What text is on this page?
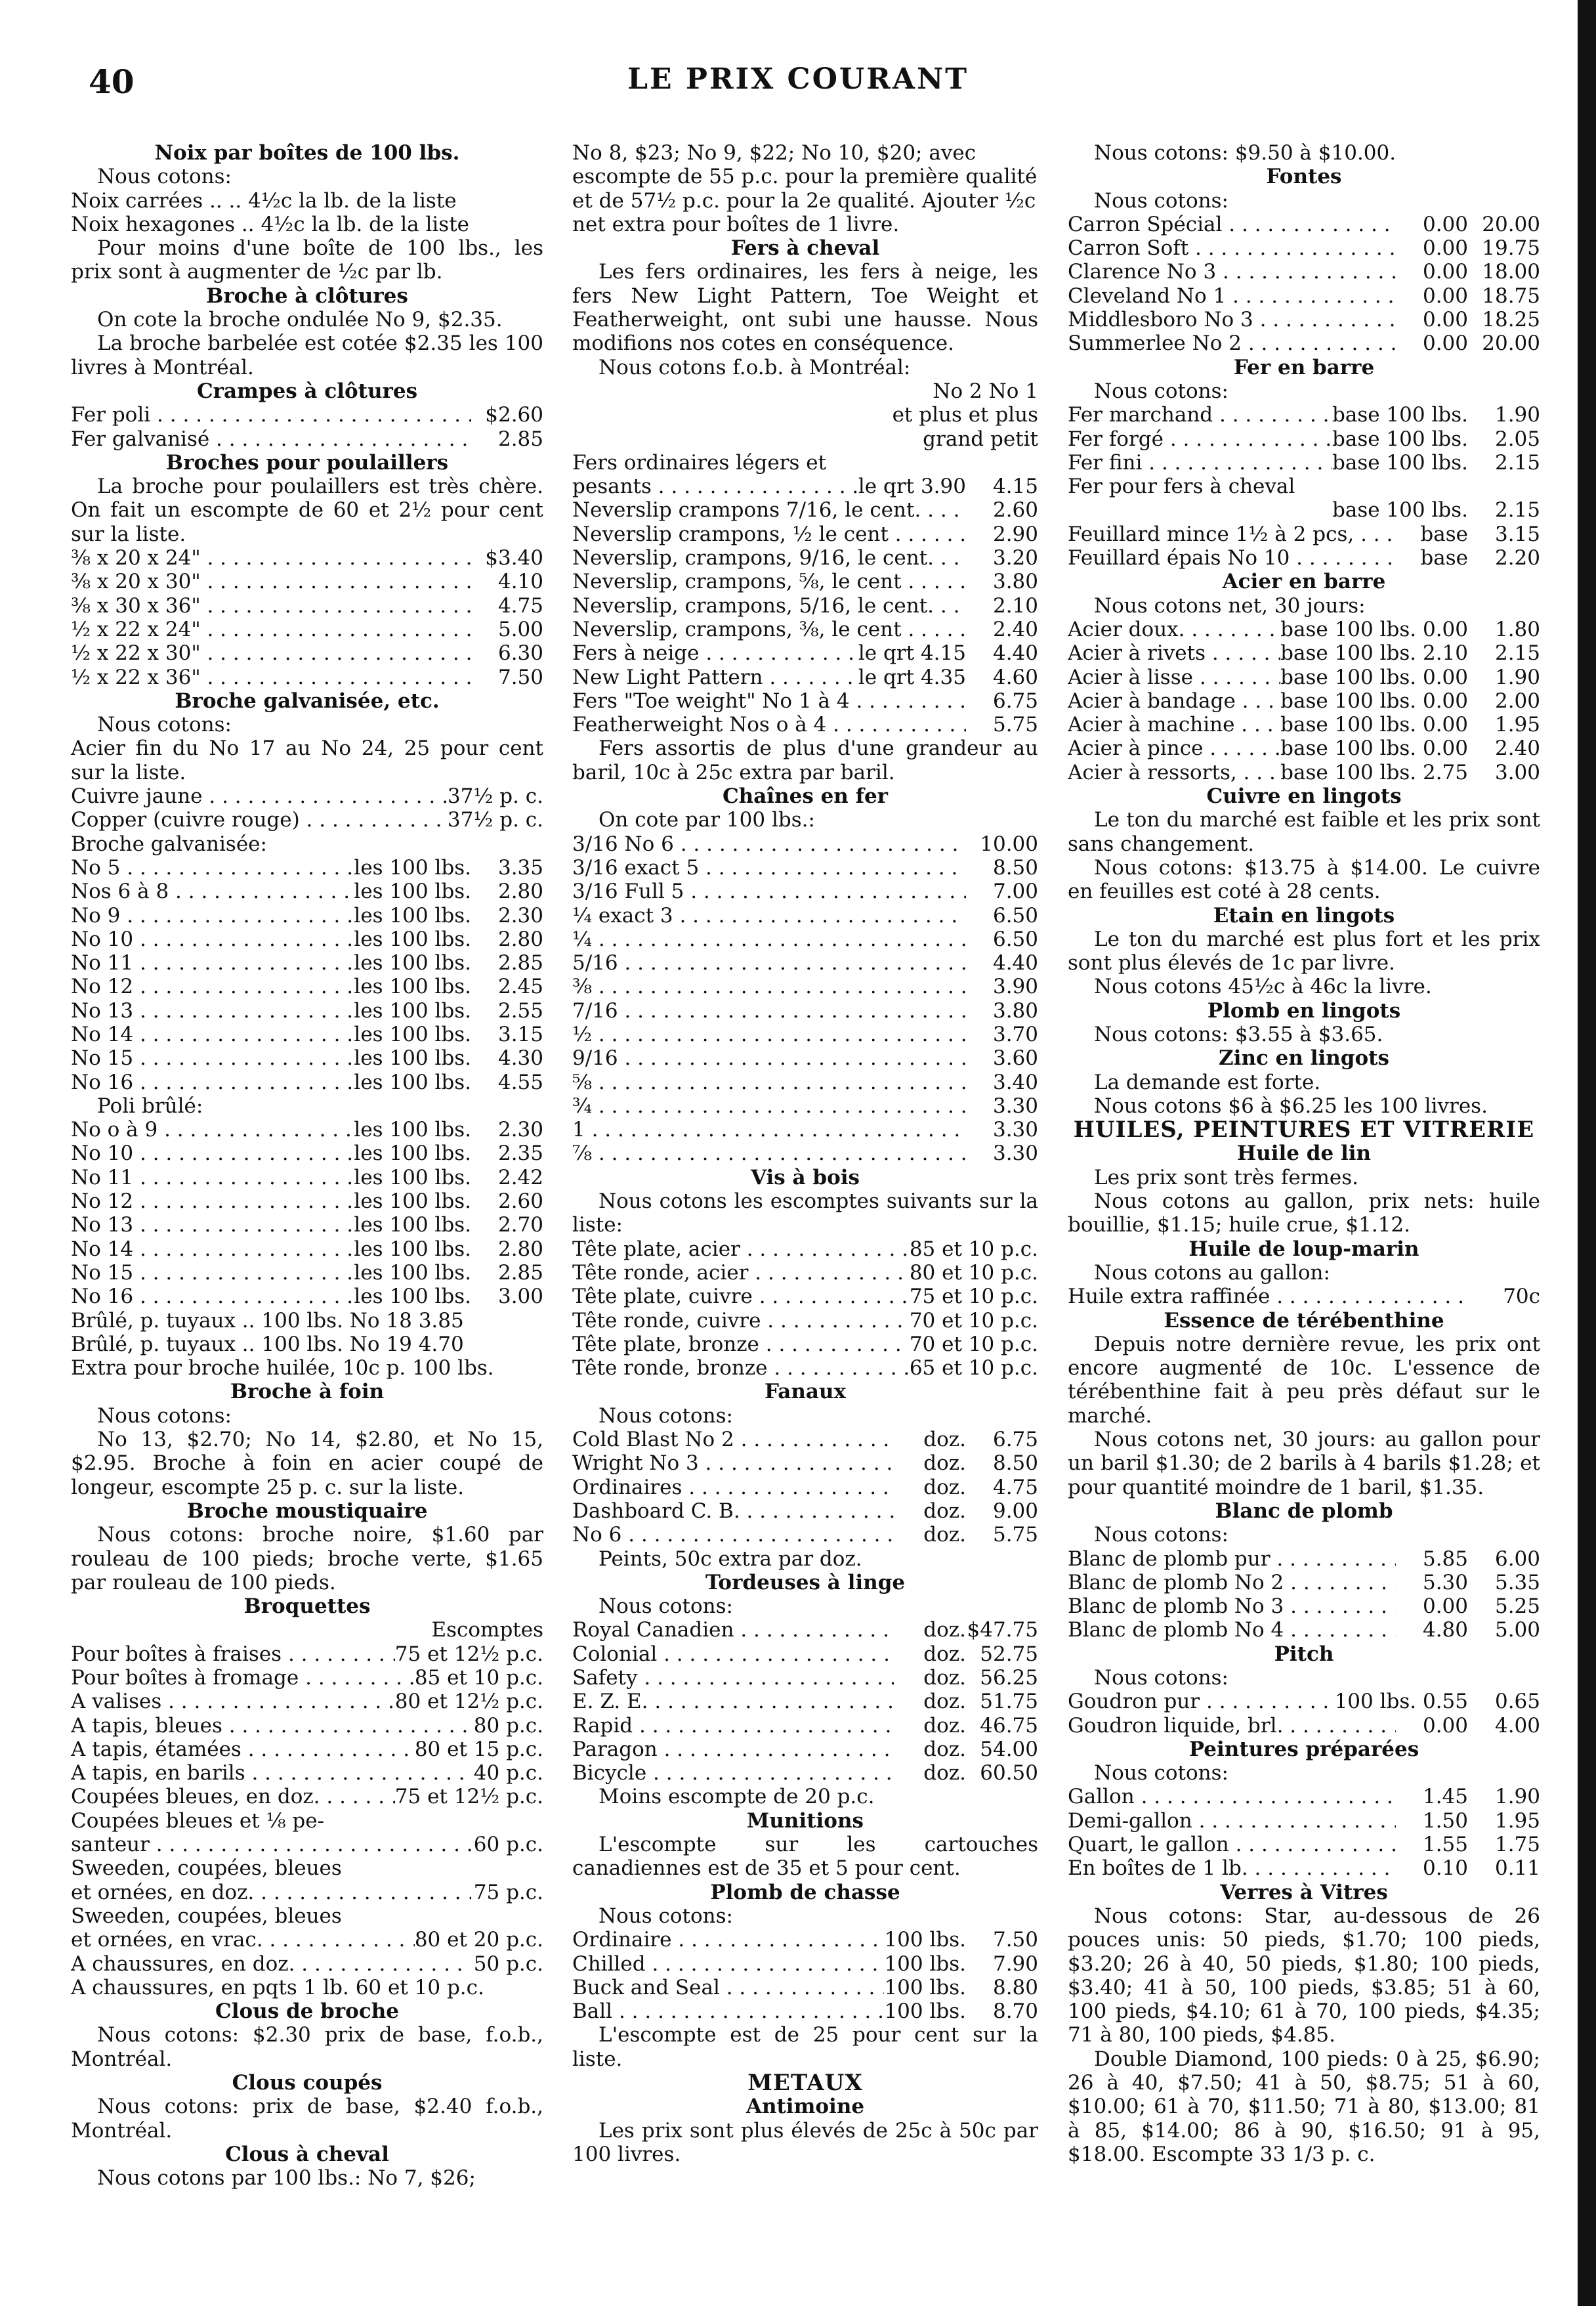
40	LE PRIX COURANT

Noix par boîtes de 100 lbs.

Nous cotons:

Noix carrées .. .. 4½c la lb. de la liste

Noix hexagones .. 4½c la lb. de la liste

Pour moins d'une boîte de 100 lbs., les prix sont à augmenter de ½c par lb.

Broche à clôtures

On cote la broche ondulée No 9, $2.35.

La broche barbelée est cotée $2.35 les 100 livres à Montréal.

Crampes à clôtures

Fer poli . . .	$2.60
Fer galvanisé . . .	2.85

Broches pour poulaillers

La broche pour poulaillers est très chère. On fait un escompte de 60 et 2½ pour cent sur la liste.

⅜ x 20 x 24" . . .	$3.40
⅜ x 20 x 30" . . .	4.10
⅜ x 30 x 36" . . .	4.75
½ x 22 x 24" . . .	5.00
½ x 22 x 30" . . .	6.30
½ x 22 x 36" . . .	7.50

Broche galvanisée, etc.

Nous cotons:

Acier fin du No 17 au No 24, 25 pour cent sur la liste.

Cuivre jaune . . .	37½ p. c.
Copper (cuivre rouge) . . .	37½ p. c.

Broche galvanisée:

No 5 . . .	les 100 lbs.	3.35
Nos 6 à 8 . . .	les 100 lbs.	2.80
No 9 . . .	les 100 lbs.	2.30
No 10 . . .	les 100 lbs.	2.80
No 11 . . .	les 100 lbs.	2.85
No 12 . . .	les 100 lbs.	2.45
No 13 . . .	les 100 lbs.	2.55
No 14 . . .	les 100 lbs.	3.15
No 15 . . .	les 100 lbs.	4.30
No 16 . . .	les 100 lbs.	4.55

Poli brûlé:

No o à 9 . . .	les 100 lbs.	2.30
No 10 . . .	les 100 lbs.	2.35
No 11 . . .	les 100 lbs.	2.42
No 12 . . .	les 100 lbs.	2.60
No 13 . . .	les 100 lbs.	2.70
No 14 . . .	les 100 lbs.	2.80
No 15 . . .	les 100 lbs.	2.85
No 16 . . .	les 100 lbs.	3.00

Brûlé, p. tuyaux .. 100 lbs. No 18 3.85

Brûlé, p. tuyaux .. 100 lbs. No 19 4.70

Extra pour broche huilée, 10c p. 100 lbs.

Broche à foin

Nous cotons:

No 13, $2.70; No 14, $2.80, et No 15, $2.95. Broche à foin en acier coupé de longeur, escompte 25 p. c. sur la liste.

Broche moustiquaire

Nous cotons: broche noire, $1.60 par rouleau de 100 pieds; broche verte, $1.65 par rouleau de 100 pieds.

Broquettes

Escomptes

Pour boîtes à fraises . . .	75 et 12½ p.c.
Pour boîtes à fromage . . .	85 et 10 p.c.
A valises . . .	80 et 12½ p.c.
A tapis, bleues . . .	80 p.c.
A tapis, étamées . . .	80 et 15 p.c.
A tapis, en barils . . .	40 p.c.
Coupées bleues, en doz. . . .	75 et 12½ p.c.

Coupées bleues et ⅛ pe-

santeur . . .	60 p.c.

Sweeden, coupées, bleues

et ornées, en doz. . . .	75 p.c.

Sweeden, coupées, bleues

et ornées, en vrac. . . .	80 et 20 p.c.
A chaussures, en doz. . . .	50 p.c.

A chaussures, en pqts 1 lb. 60 et 10 p.c.

Clous de broche

Nous cotons: $2.30 prix de base, f.o.b., Montréal.

Clous coupés

Nous cotons: prix de base, $2.40 f.o.b., Montréal.

Clous à cheval

Nous cotons par 100 lbs.: No 7, $26;

No 8, $23; No 9, $22; No 10, $20; avec escompte de 55 p.c. pour la première qualité et de 57½ p.c. pour la 2e qualité. Ajouter ½c net extra pour boîtes de 1 livre.

Fers à cheval

Les fers ordinaires, les fers à neige, les fers New Light Pattern, Toe Weight et Featherweight, ont subi une hausse. Nous modifions nos cotes en conséquence.

Nous cotons f.o.b. à Montréal:

No 2 No 1

et plus et plus

grand petit

Fers ordinaires légers et

pesants . . .	le qrt 3.90	4.15
Neverslip crampons 7/16, le cent. . . .	2.60
Neverslip crampons, ½ le cent . . .	2.90
Neverslip, crampons, 9/16, le cent. . . .	3.20
Neverslip, crampons, ⅝, le cent . . .	3.80
Neverslip, crampons, 5/16, le cent. . . .	2.10
Neverslip, crampons, ⅜, le cent . . .	2.40
Fers à neige . . .	le qrt 4.15	4.40
New Light Pattern . . .	le qrt 4.35	4.60
Fers "Toe weight" No 1 à 4 . . .	6.75
Featherweight Nos o à 4 . . .	5.75

Fers assortis de plus d'une grandeur au baril, 10c à 25c extra par baril.

Chaînes en fer

On cote par 100 lbs.:

3/16 No 6 . . .	10.00
3/16 exact 5 . . .	8.50
3/16 Full 5 . . .	7.00
¼ exact 3 . . .	6.50
¼ . . .	6.50
5/16 . . .	4.40
⅜ . . .	3.90
7/16 . . .	3.80
½ . . .	3.70
9/16 . . .	3.60
⅝ . . .	3.40
¾ . . .	3.30
1 . . .	3.30
⅞ . . .	3.30

Vis à bois

Nous cotons les escomptes suivants sur la liste:

Tête plate, acier . . .	85 et 10 p.c.
Tête ronde, acier . . .	80 et 10 p.c.
Tête plate, cuivre . . .	75 et 10 p.c.
Tête ronde, cuivre . . .	70 et 10 p.c.
Tête plate, bronze . . .	70 et 10 p.c.
Tête ronde, bronze . . .	65 et 10 p.c.

Fanaux

Nous cotons:

Cold Blast No 2 . . .	doz.	6.75
Wright No 3 . . .	doz.	8.50
Ordinaires . . .	doz.	4.75
Dashboard C. B. . . .	doz.	9.00
No 6 . . .	doz.	5.75

Peints, 50c extra par doz.

Tordeuses à linge

Nous cotons:

Royal Canadien . . .	doz. $47.75
Colonial . . .	doz. 52.75
Safety . . .	doz. 56.25
E. Z. E. . . .	doz. 51.75
Rapid . . .	doz. 46.75
Paragon . . .	doz. 54.00
Bicycle . . .	doz. 60.50

Moins escompte de 20 p.c.

Munitions

L'escompte sur les cartouches canadiennes est de 35 et 5 pour cent.

Plomb de chasse

Nous cotons:

Ordinaire . . .	100 lbs.	7.50
Chilled . . .	100 lbs.	7.90
Buck and Seal . . .	100 lbs.	8.80
Ball . . .	100 lbs.	8.70

L'escompte est de 25 pour cent sur la liste.

METAUX

Antimoine

Les prix sont plus élevés de 25c à 50c par 100 livres.

Nous cotons: $9.50 à $10.00.

Fontes

Nous cotons:

Carron Spécial . . .	0.00 20.00
Carron Soft . . .	0.00 19.75
Clarence No 3 . . .	0.00 18.00
Cleveland No 1 . . .	0.00 18.75
Middlesboro No 3 . . .	0.00 18.25
Summerlee No 2 . . .	0.00 20.00

Fer en barre

Nous cotons:

Fer marchand . . .	base 100 lbs.	1.90
Fer forgé . . .	base 100 lbs.	2.05
Fer fini . . .	base 100 lbs.	2.15

Fer pour fers à cheval

base 100 lbs.	2.15
Feuillard mince 1½ à 2 pcs, . . .	base	3.15
Feuillard épais No 10 . . .	base	2.20

Acier en barre

Nous cotons net, 30 jours:

Acier doux. . . .	base 100 lbs. 0.00	1.80
Acier à rivets . . .	base 100 lbs. 2.10	2.15
Acier à lisse . . .	base 100 lbs. 0.00	1.90
Acier à bandage . . .	base 100 lbs. 0.00	2.00
Acier à machine . . .	base 100 lbs. 0.00	1.95
Acier à pince . . .	base 100 lbs. 0.00	2.40
Acier à ressorts, . . .	base 100 lbs. 2.75	3.00

Cuivre en lingots

Le ton du marché est faible et les prix sont sans changement.

Nous cotons: $13.75 à $14.00. Le cuivre en feuilles est coté à 28 cents.

Etain en lingots

Le ton du marché est plus fort et les prix sont plus élevés de 1c par livre.

Nous cotons 45½c à 46c la livre.

Plomb en lingots

Nous cotons: $3.55 à $3.65.

Zinc en lingots

La demande est forte.

Nous cotons $6 à $6.25 les 100 livres.

HUILES, PEINTURES ET VITRERIE

Huile de lin

Les prix sont très fermes.

Nous cotons au gallon, prix nets: huile bouillie, $1.15; huile crue, $1.12.

Huile de loup-marin

Nous cotons au gallon:

Huile extra raffinée . . .	70c

Essence de térébenthine

Depuis notre dernière revue, les prix ont encore augmenté de 10c. L'essence de térébenthine fait à peu près défaut sur le marché.

Nous cotons net, 30 jours: au gallon pour un baril $1.30; de 2 barils à 4 barils $1.28; et pour quantité moindre de 1 baril, $1.35.

Blanc de plomb

Nous cotons:

Blanc de plomb pur . . .	5.85	6.00
Blanc de plomb No 2 . . .	5.30	5.35
Blanc de plomb No 3 . . .	0.00	5.25
Blanc de plomb No 4 . . .	4.80	5.00

Pitch

Nous cotons:

Goudron pur . . .	100 lbs. 0.55	0.65
Goudron liquide, brl. . . .	0.00	4.00

Peintures préparées

Nous cotons:

Gallon . . .	1.45	1.90
Demi-gallon . . .	1.50	1.95
Quart, le gallon . . .	1.55	1.75
En boîtes de 1 lb. . . .	0.10	0.11

Verres à Vitres

Nous cotons: Star, au-dessous de 26 pouces unis: 50 pieds, $1.70; 100 pieds, $3.20; 26 à 40, 50 pieds, $1.80; 100 pieds, $3.40; 41 à 50, 100 pieds, $3.85; 51 à 60, 100 pieds, $4.10; 61 à 70, 100 pieds, $4.35; 71 à 80, 100 pieds, $4.85.

Double Diamond, 100 pieds: 0 à 25, $6.90; 26 à 40, $7.50; 41 à 50, $8.75; 51 à 60, $10.00; 61 à 70, $11.50; 71 à 80, $13.00; 81 à 85, $14.00; 86 à 90, $16.50; 91 à 95, $18.00. Escompte 33 1/3 p. c.
